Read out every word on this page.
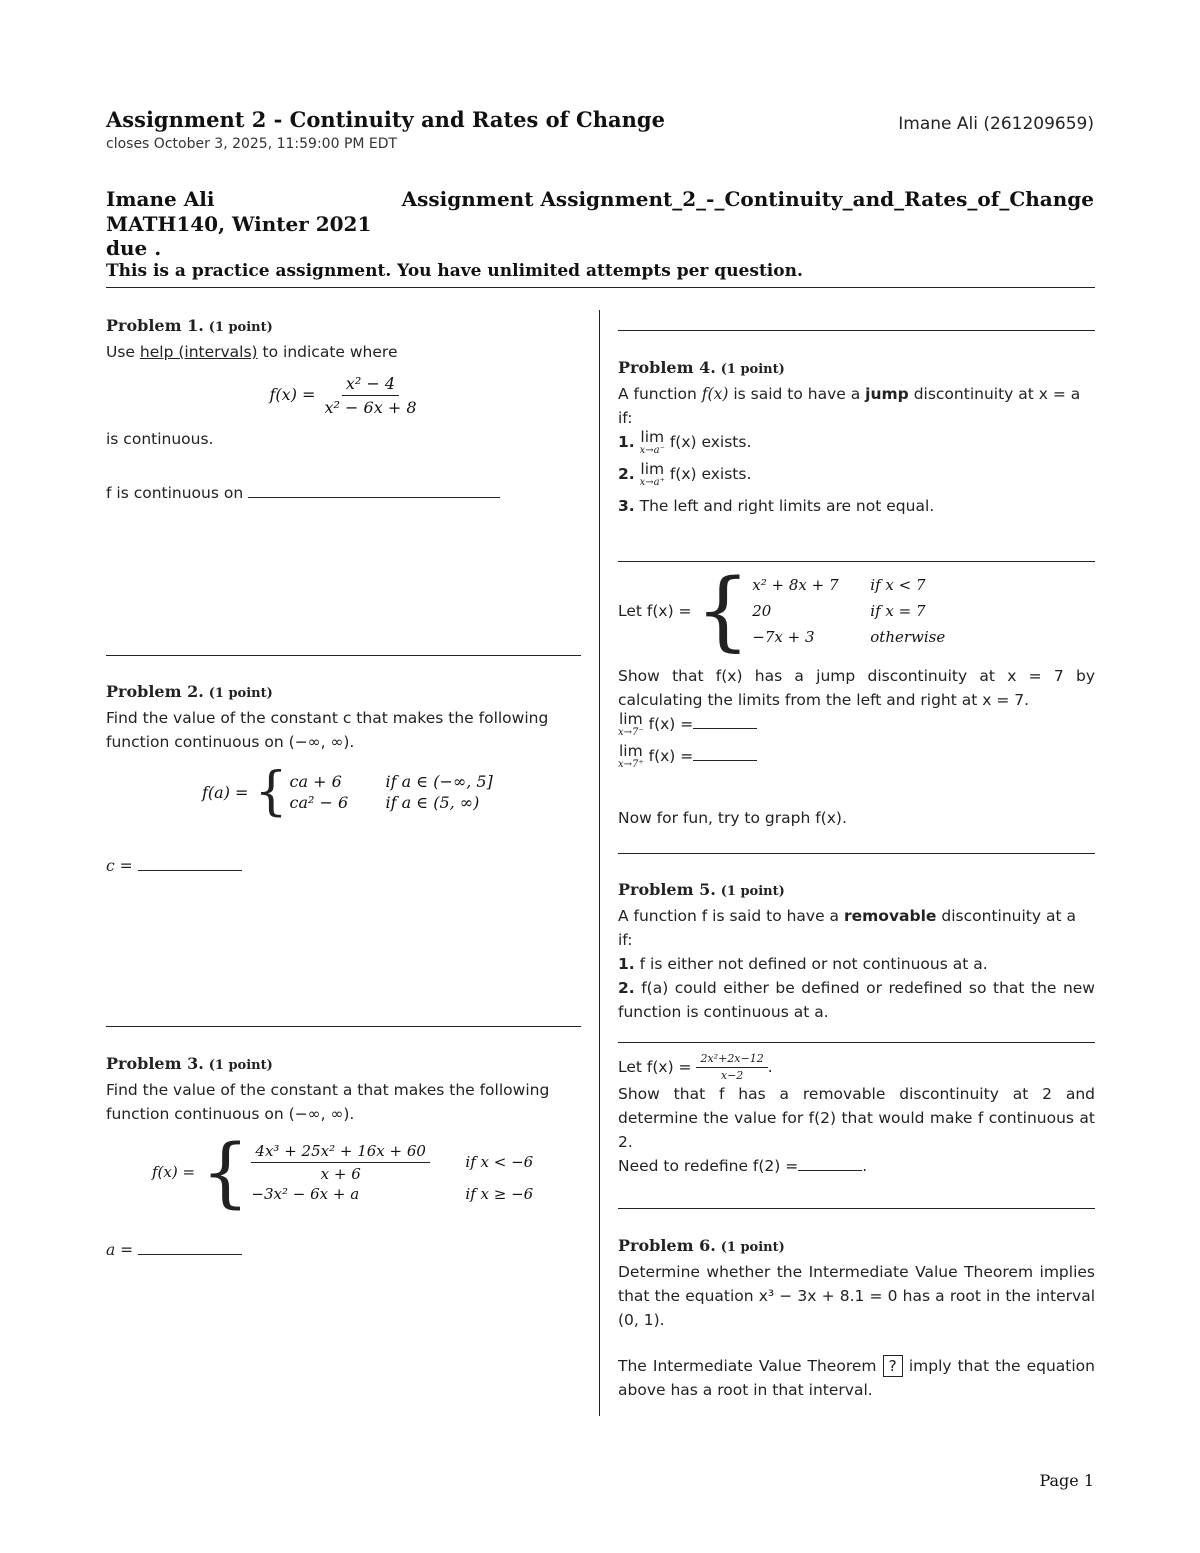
Assignment 2 - Continuity and Rates of Change
closes October 3, 2025, 11:59:00 PM EDT
Imane Ali (261209659)
Imane Ali	Assignment Assignment_2_-_Continuity_and_Rates_of_Change
MATH140, Winter 2021
due .
This is a practice assignment. You have unlimited attempts per question.
Problem 1. (1 point)
Use help (intervals) to indicate where
$f(x) = \frac{\text{x² − 4}}{\text{x² − 6x + 8}}$
is continuous.
f is continuous on
Problem 2. (1 point)
Find the value of the constant c that makes the following function continuous on (−∞, ∞).
f(a) = { ca + 6	if a ∈ (−∞, 5]
ca² − 6	if a ∈ (5, ∞)
c =
Problem 3. (1 point)
Find the value of the constant a that makes the following function continuous on (−∞, ∞).
f(x) = { $\frac{\text{4x³ + 25x² + 16x + 60}}{x + 6}$	if x < −6
−3x² − 6x + a	if x ≥ −6
a =
Problem 4. (1 point)
A function f(x) is said to have a jump discontinuity at x = a if:
1. lim
x→a⁻ f(x) exists.
2. lim
x→a⁺ f(x) exists.
3. The left and right limits are not equal.
Let f(x) = { x² + 8x + 7	if x < 7
20	if x = 7
−7x + 3	otherwise
Show that f(x) has a jump discontinuity at x = 7 by calculating the limits from the left and right at x = 7.
lim
x→7⁻ f(x) =
lim
x→7⁺ f(x) =
Now for fun, try to graph f(x).
Problem 5. (1 point)
A function f is said to have a removable discontinuity at a if:
1. f is either not defined or not continuous at a.
2. f(a) could either be defined or redefined so that the new function is continuous at a.
Let $f(x) = \frac{\text{2x²+2x−12}}{x-2}$ .
Show that f has a removable discontinuity at 2 and determine the value for f(2) that would make f continuous at 2.
Need to redefine f(2) =	.
Problem 6. (1 point)
Determine whether the Intermediate Value Theorem implies that the equation x³ − 3x + 8.1 = 0 has a root in the interval (0, 1).
The Intermediate Value Theorem ? imply that the equation above has a root in that interval.
Page 1
